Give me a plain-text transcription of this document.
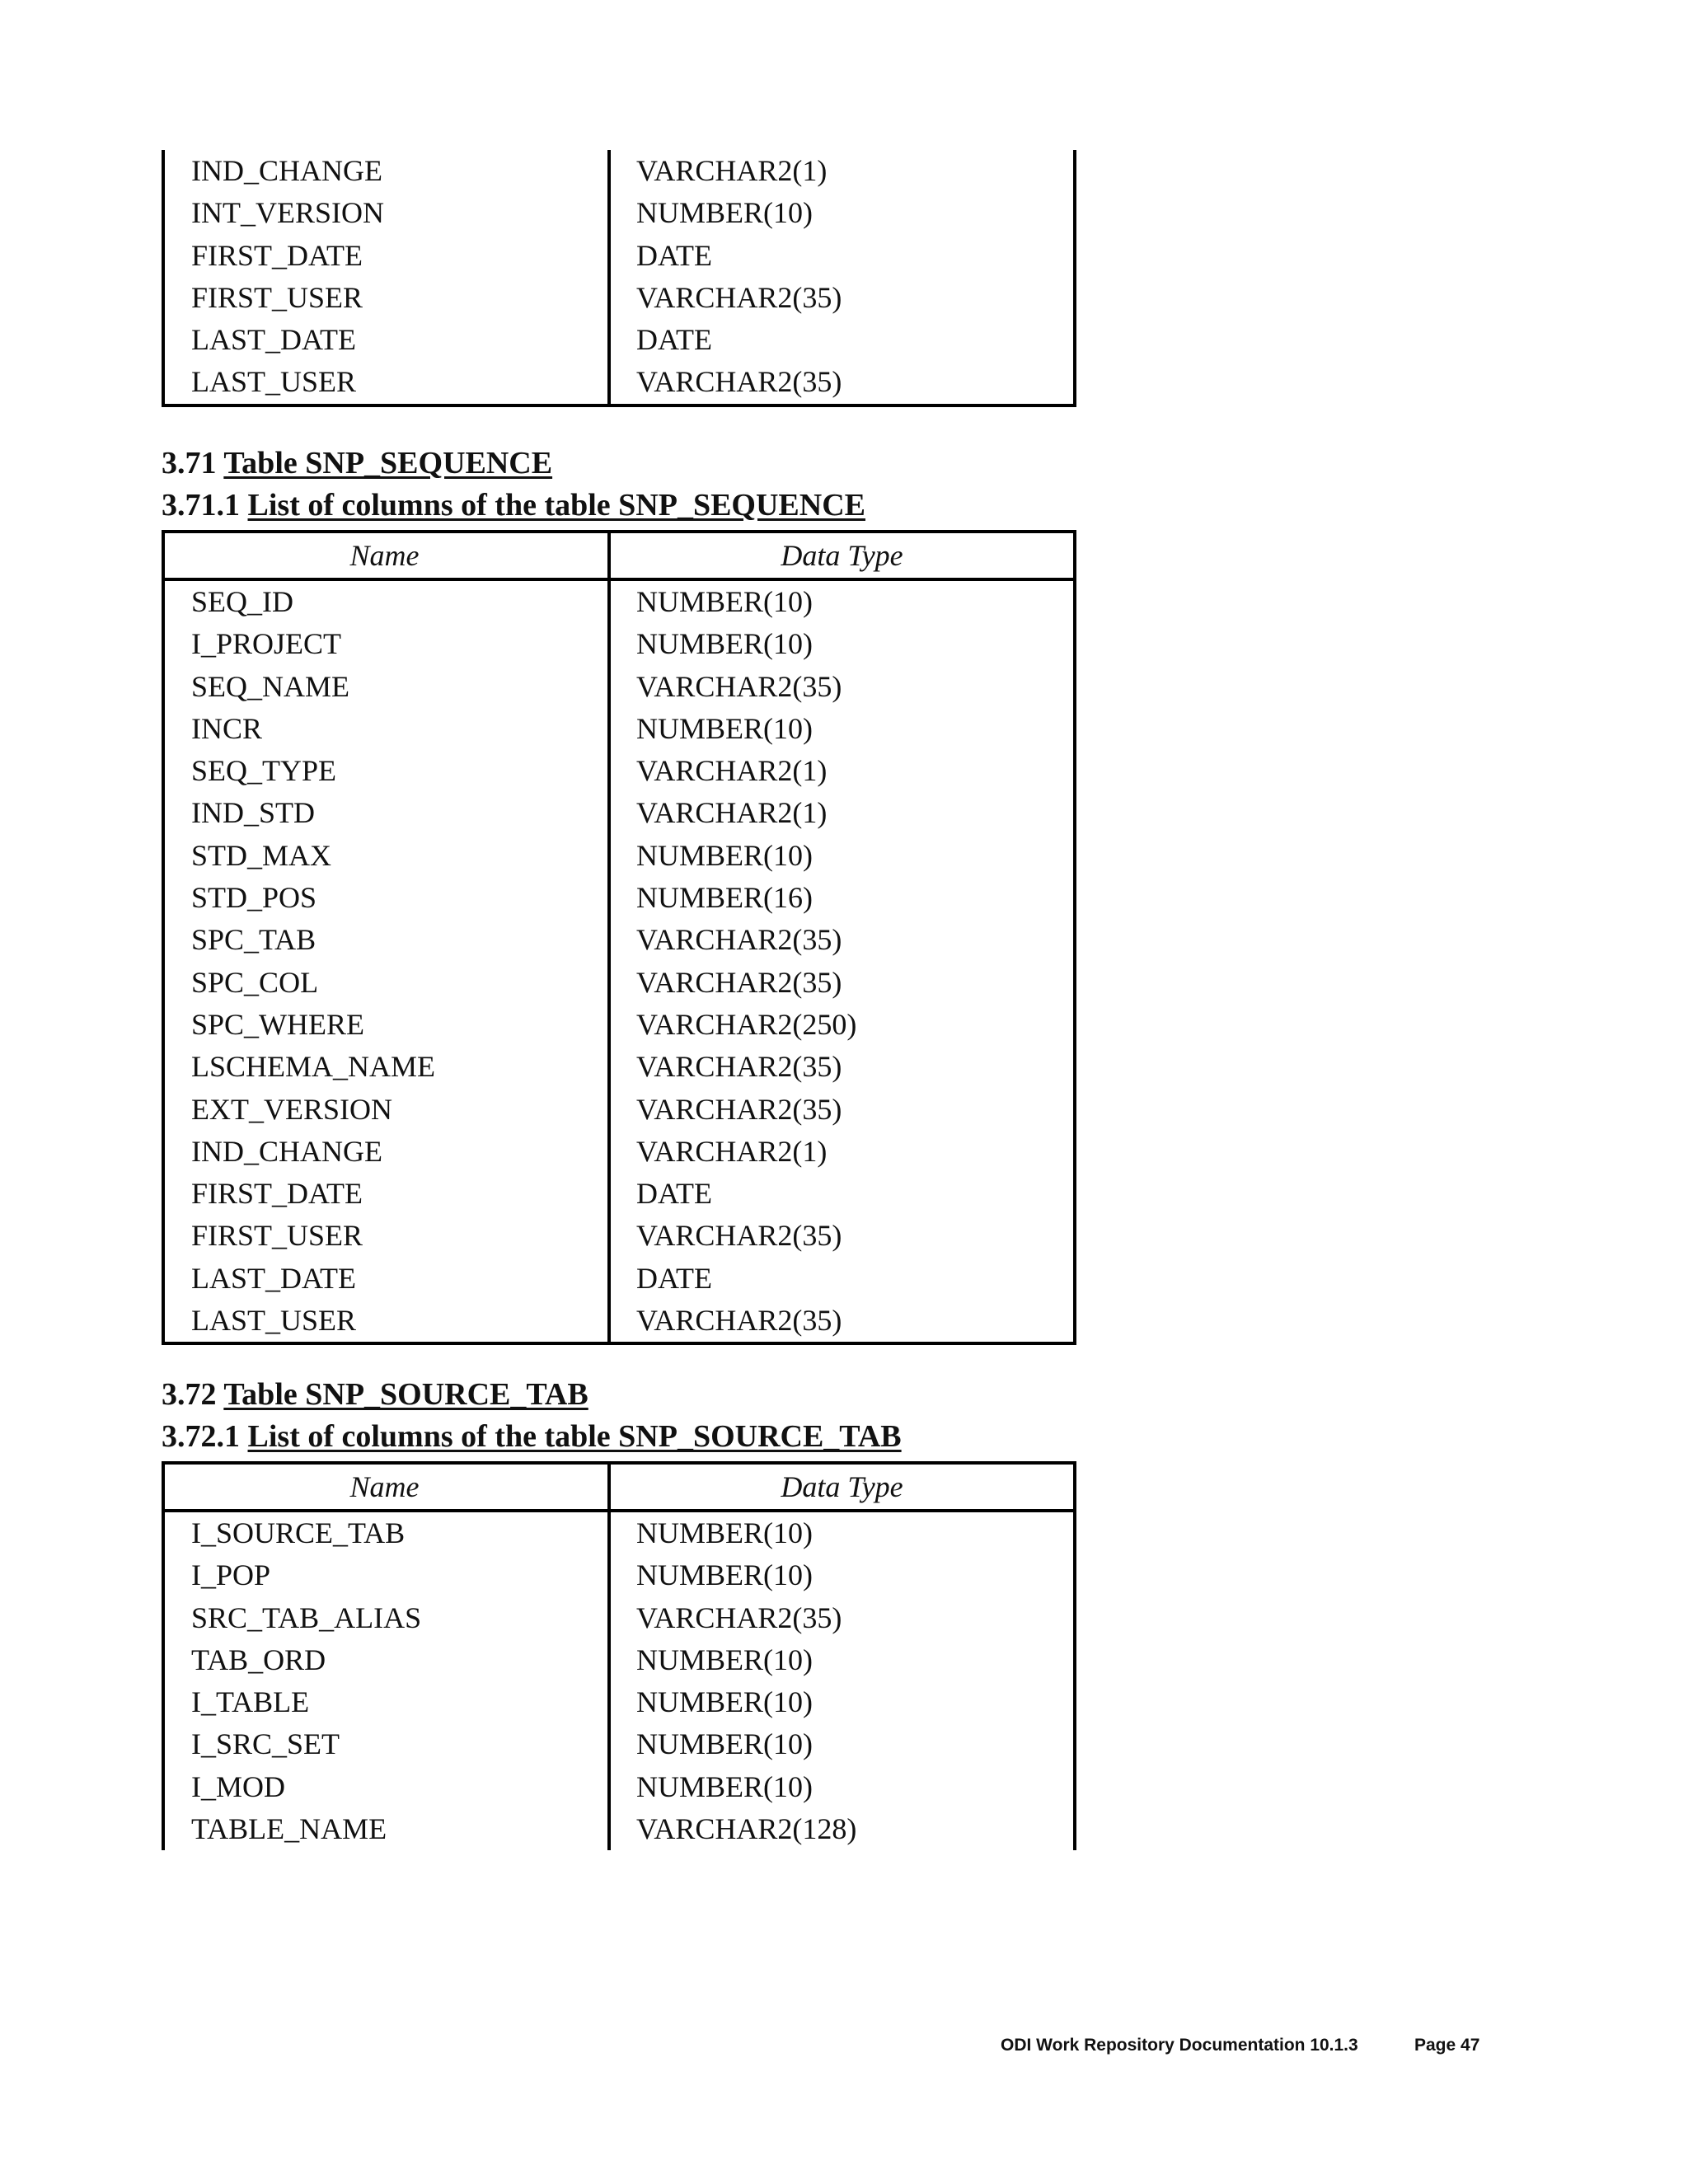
IND_CHANGE	VARCHAR2(1)
INT_VERSION	NUMBER(10)
FIRST_DATE	DATE
FIRST_USER	VARCHAR2(35)
LAST_DATE	DATE
LAST_USER	VARCHAR2(35)
3.71 Table SNP_SEQUENCE
3.71.1 List of columns of the table SNP_SEQUENCE
Name	Data Type
SEQ_ID	NUMBER(10)
I_PROJECT	NUMBER(10)
SEQ_NAME	VARCHAR2(35)
INCR	NUMBER(10)
SEQ_TYPE	VARCHAR2(1)
IND_STD	VARCHAR2(1)
STD_MAX	NUMBER(10)
STD_POS	NUMBER(16)
SPC_TAB	VARCHAR2(35)
SPC_COL	VARCHAR2(35)
SPC_WHERE	VARCHAR2(250)
LSCHEMA_NAME	VARCHAR2(35)
EXT_VERSION	VARCHAR2(35)
IND_CHANGE	VARCHAR2(1)
FIRST_DATE	DATE
FIRST_USER	VARCHAR2(35)
LAST_DATE	DATE
LAST_USER	VARCHAR2(35)
3.72 Table SNP_SOURCE_TAB
3.72.1 List of columns of the table SNP_SOURCE_TAB
Name	Data Type
I_SOURCE_TAB	NUMBER(10)
I_POP	NUMBER(10)
SRC_TAB_ALIAS	VARCHAR2(35)
TAB_ORD	NUMBER(10)
I_TABLE	NUMBER(10)
I_SRC_SET	NUMBER(10)
I_MOD	NUMBER(10)
TABLE_NAME	VARCHAR2(128)
ODI Work Repository Documentation 10.1.3	Page 47
